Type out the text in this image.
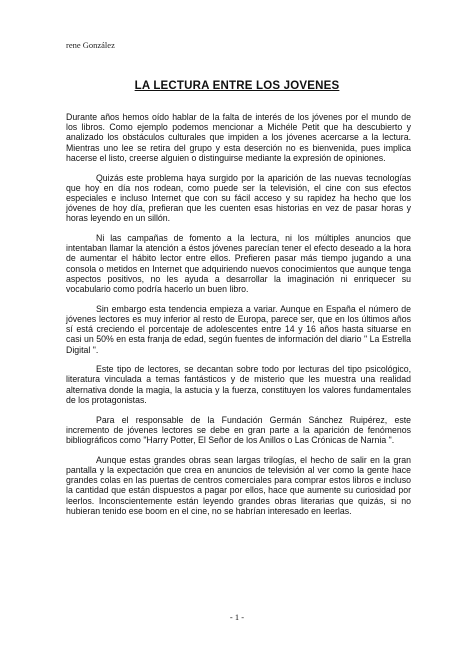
rene González
LA LECTURA ENTRE LOS JOVENES

Durante años hemos oído hablar de la falta de interés de los jóvenes por el mundo de los libros. Como ejemplo podemos mencionar a Michéle Petit que ha descubierto y analizado los obstáculos culturales que impiden a los jóvenes acercarse a la lectura. Mientras uno lee se retira del grupo y esta deserción no es bienvenida, pues implica hacerse el listo, creerse alguien o distinguirse mediante la expresión de opiniones.

Quizás este problema haya surgido por la aparición de las nuevas tecnologías que hoy en día nos rodean, como puede ser la televisión, el cine con sus efectos especiales e incluso Internet que con su fácil acceso y su rapidez ha hecho que los jóvenes de hoy día, prefieran que les cuenten esas historias en vez de pasar horas y horas leyendo en un sillón.

Ni las campañas de fomento a la lectura, ni los múltiples anuncios que intentaban llamar la atención a éstos jóvenes parecían tener el efecto deseado a la hora de aumentar el hábito lector entre ellos. Prefieren pasar más tiempo jugando a una consola o metidos en Internet que adquiriendo nuevos conocimientos que aunque tenga aspectos positivos, no les ayuda a desarrollar la imaginación ni enriquecer su vocabulario como podría hacerlo un buen libro.

Sin embargo esta tendencia empieza a variar. Aunque en España el número de jóvenes lectores es muy inferior al resto de Europa, parece ser, que en los últimos años sí está creciendo el porcentaje de adolescentes entre 14 y 16 años hasta situarse en casi un 50% en esta franja de edad, según fuentes de información del diario " La Estrella Digital ".

Este tipo de lectores, se decantan sobre todo por lecturas del tipo psicológico, literatura vinculada a temas fantásticos y de misterio que les muestra una realidad alternativa donde la magia, la astucia y la fuerza, constituyen los valores fundamentales de los protagonistas.

Para el responsable de la Fundación Germán Sánchez Ruipérez, este incremento de jóvenes lectores se debe en gran parte a la aparición de fenómenos bibliográficos como "Harry Potter, El Señor de los Anillos o Las Crónicas de Narnia ".

Aunque estas grandes obras sean largas trilogías, el hecho de salir en la gran pantalla y la expectación que crea en anuncios de televisión al ver como la gente hace grandes colas en las puertas de centros comerciales para comprar estos libros e incluso la cantidad que están dispuestos a pagar por ellos, hace que aumente su curiosidad por leerlos. Inconscientemente están leyendo grandes obras literarias que quizás, si no hubieran tenido ese boom en el cine, no se habrían interesado en leerlas.

- 1 -
